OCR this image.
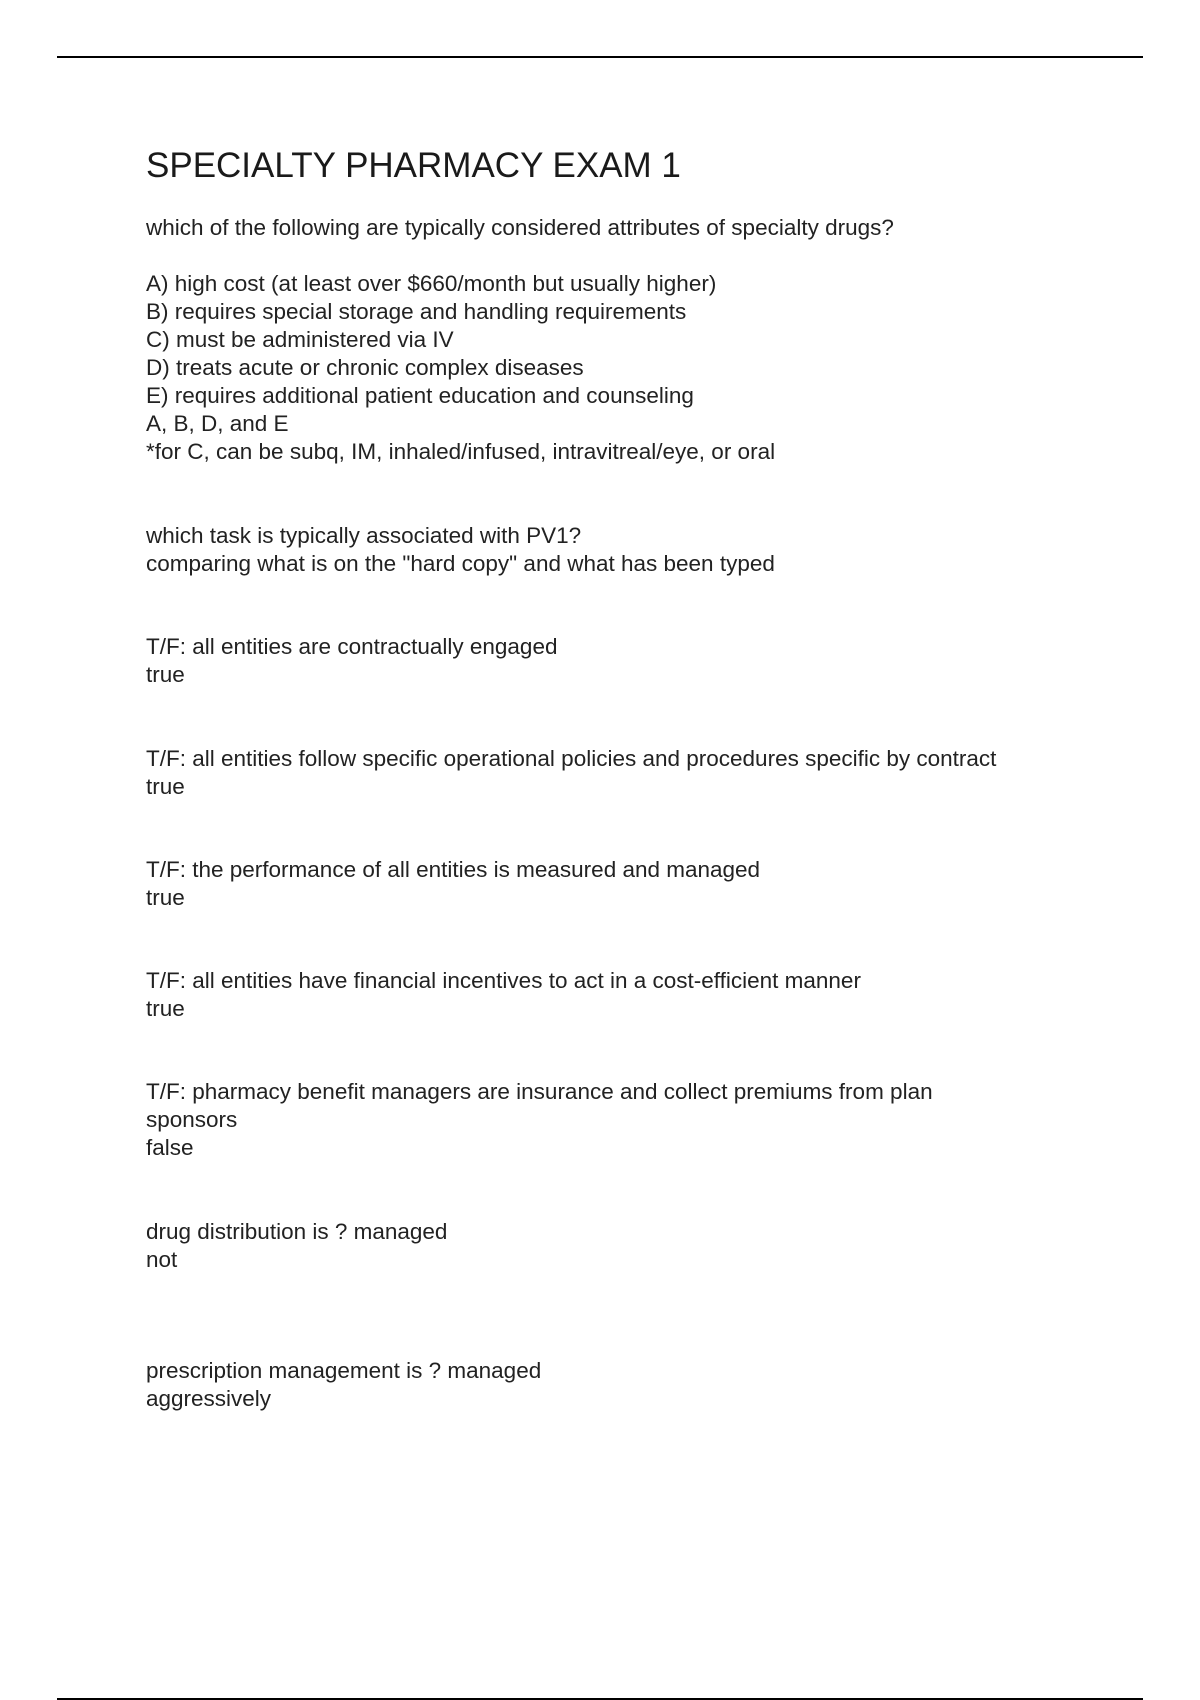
SPECIALTY PHARMACY EXAM 1

which of the following are typically considered attributes of specialty drugs?

A) high cost (at least over $660/month but usually higher)

B) requires special storage and handling requirements

C) must be administered via IV

D) treats acute or chronic complex diseases

E) requires additional patient education and counseling

A, B, D, and E

*for C, can be subq, IM, inhaled/infused, intravitreal/eye, or oral

which task is typically associated with PV1?

comparing what is on the "hard copy" and what has been typed

T/F: all entities are contractually engaged

true

T/F: all entities follow specific operational policies and procedures specific by contract

true

T/F: the performance of all entities is measured and managed

true

T/F: all entities have financial incentives to act in a cost-efficient manner

true

T/F: pharmacy benefit managers are insurance and collect premiums from plan

sponsors

false

drug distribution is ? managed

not

prescription management is ? managed

aggressively
